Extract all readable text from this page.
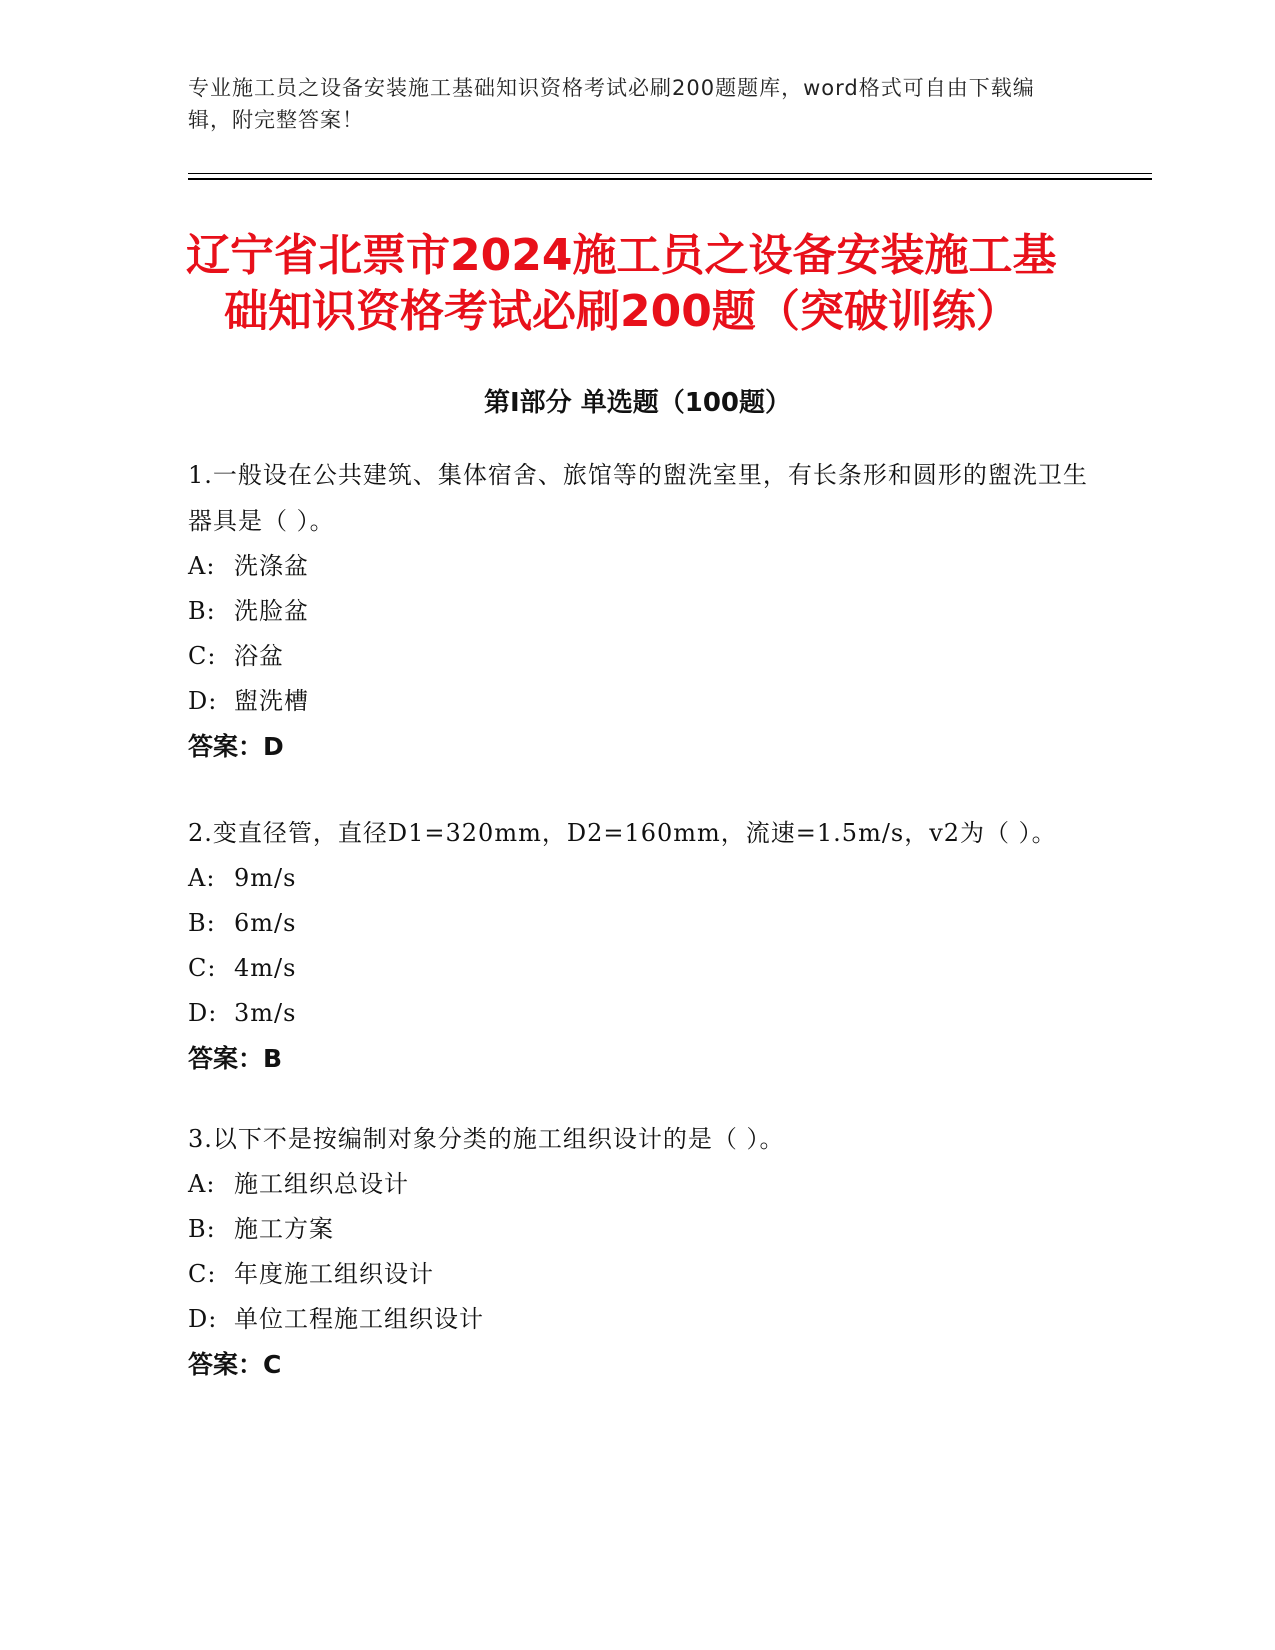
专业施工员之设备安装施工基础知识资格考试必刷200题题库，word格式可自由下载编辑，附完整答案！
辽宁省北票市2024施工员之设备安装施工基
础知识资格考试必刷200题（突破训练）
第Ⅰ部分 单选题（100题）
1.一般设在公共建筑、集体宿舍、旅馆等的盥洗室里，有长条形和圆形的盥洗卫生器具是（ ）。
A: 洗涤盆
B: 洗脸盆
C: 浴盆
D: 盥洗槽
答案：D
2.变直径管，直径D1=320mm，D2=160mm，流速=1.5m/s，v2为（ ）。
A: 9m/s
B: 6m/s
C: 4m/s
D: 3m/s
答案：B
3.以下不是按编制对象分类的施工组织设计的是（ ）。
A: 施工组织总设计
B: 施工方案
C: 年度施工组织设计
D: 单位工程施工组织设计
答案：C
